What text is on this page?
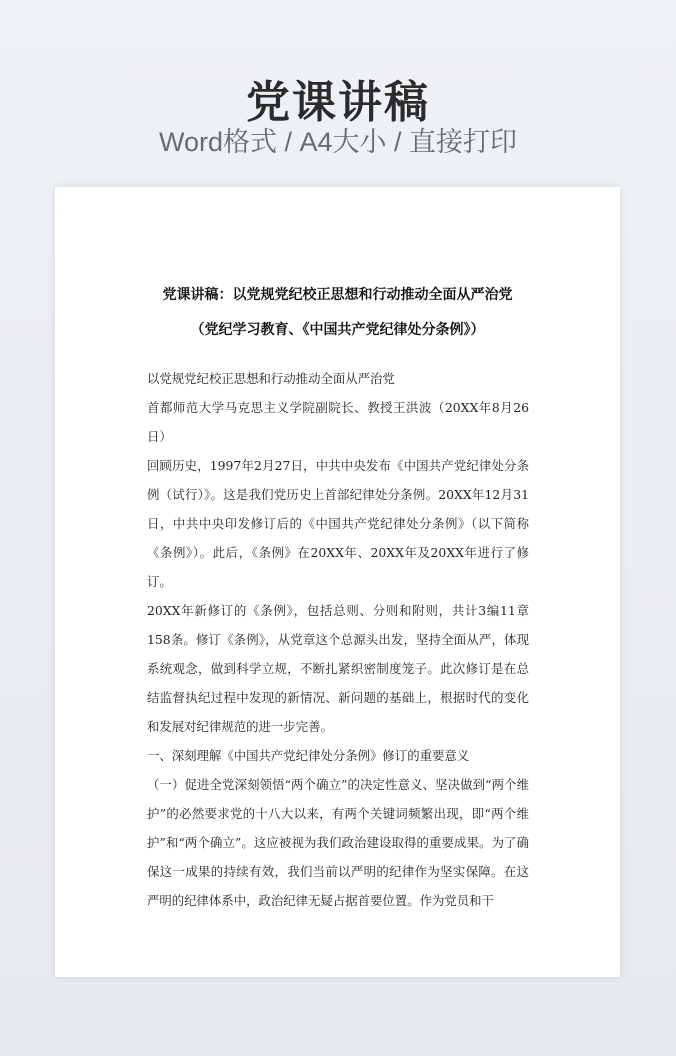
党课讲稿
Word格式 / A4大小 / 直接打印
党课讲稿：以党规党纪校正思想和行动推动全面从严治党
（党纪学习教育、《中国共产党纪律处分条例》）

以党规党纪校正思想和行动推动全面从严治党

首都师范大学马克思主义学院副院长、教授王洪波（20XX年8月26日）

回顾历史，1997年2月27日，中共中央发布《中国共产党纪律处分条例（试行）》。这是我们党历史上首部纪律处分条例。20XX年12月31日，中共中央印发修订后的《中国共产党纪律处分条例》（以下简称《条例》）。此后，《条例》在20XX年、20XX年及20XX年进行了修订。

20XX年新修订的《条例》，包括总则、分则和附则，共计3编11章158条。修订《条例》，从党章这个总源头出发，坚持全面从严，体现系统观念，做到科学立规，不断扎紧织密制度笼子。此次修订是在总结监督执纪过程中发现的新情况、新问题的基础上，根据时代的变化和发展对纪律规范的进一步完善。

一、深刻理解《中国共产党纪律处分条例》修订的重要意义

（一）促进全党深刻领悟“两个确立”的决定性意义、坚决做到“两个维护”的必然要求党的十八大以来，有两个关键词频繁出现，即“两个维护”和“两个确立”。这应被视为我们政治建设取得的重要成果。为了确保这一成果的持续有效，我们当前以严明的纪律作为坚实保障。在这严明的纪律体系中，政治纪律无疑占据首要位置。作为党员和干
